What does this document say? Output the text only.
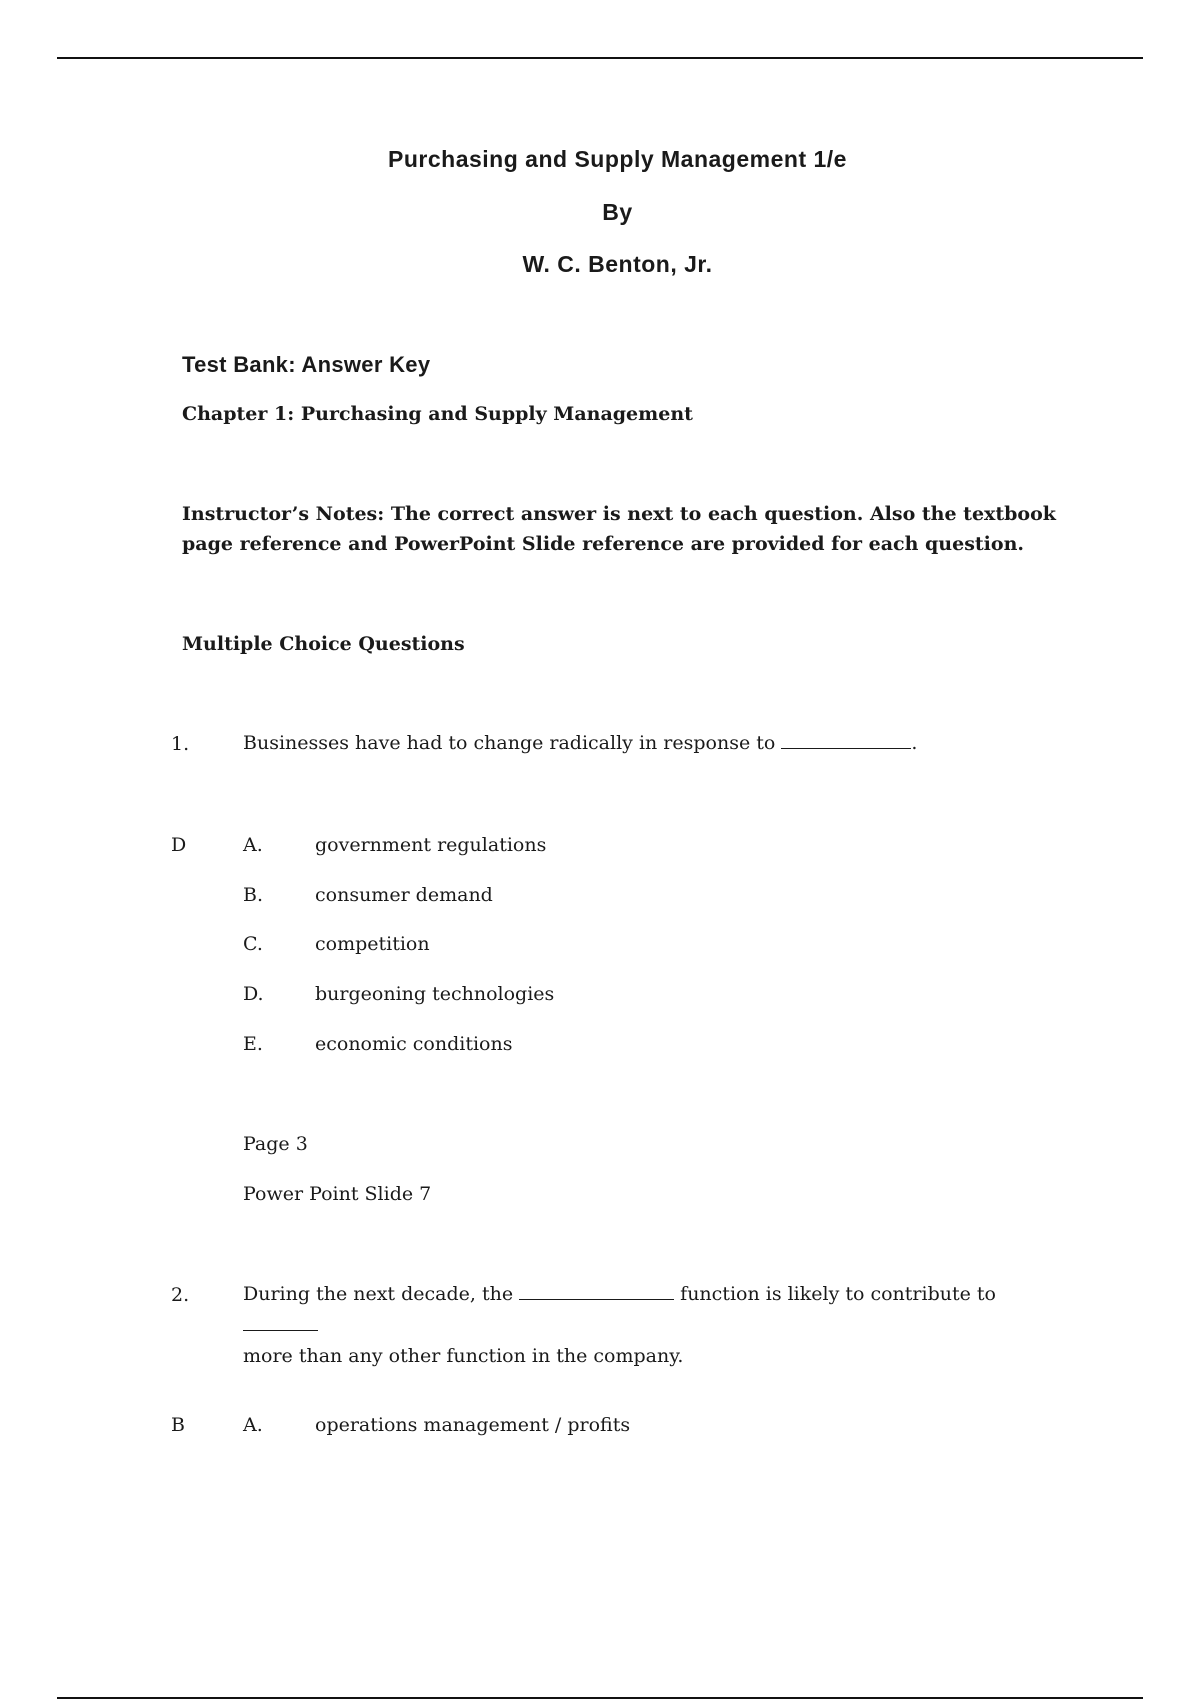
Purchasing and Supply Management 1/e
By
W. C. Benton, Jr.
Test Bank: Answer Key
Chapter 1: Purchasing and Supply Management
Instructor’s Notes: The correct answer is next to each question. Also the textbook page reference and PowerPoint Slide reference are provided for each question.
Multiple Choice Questions
1.	Businesses have had to change radically in response to	.
D	A.	government regulations
B.	consumer demand
C.	competition
D.	burgeoning technologies
E.	economic conditions
Page 3
Power Point Slide 7
2.	During the next decade, the	function is likely to contribute to
more than any other function in the company.
B	A.	operations management / profits
